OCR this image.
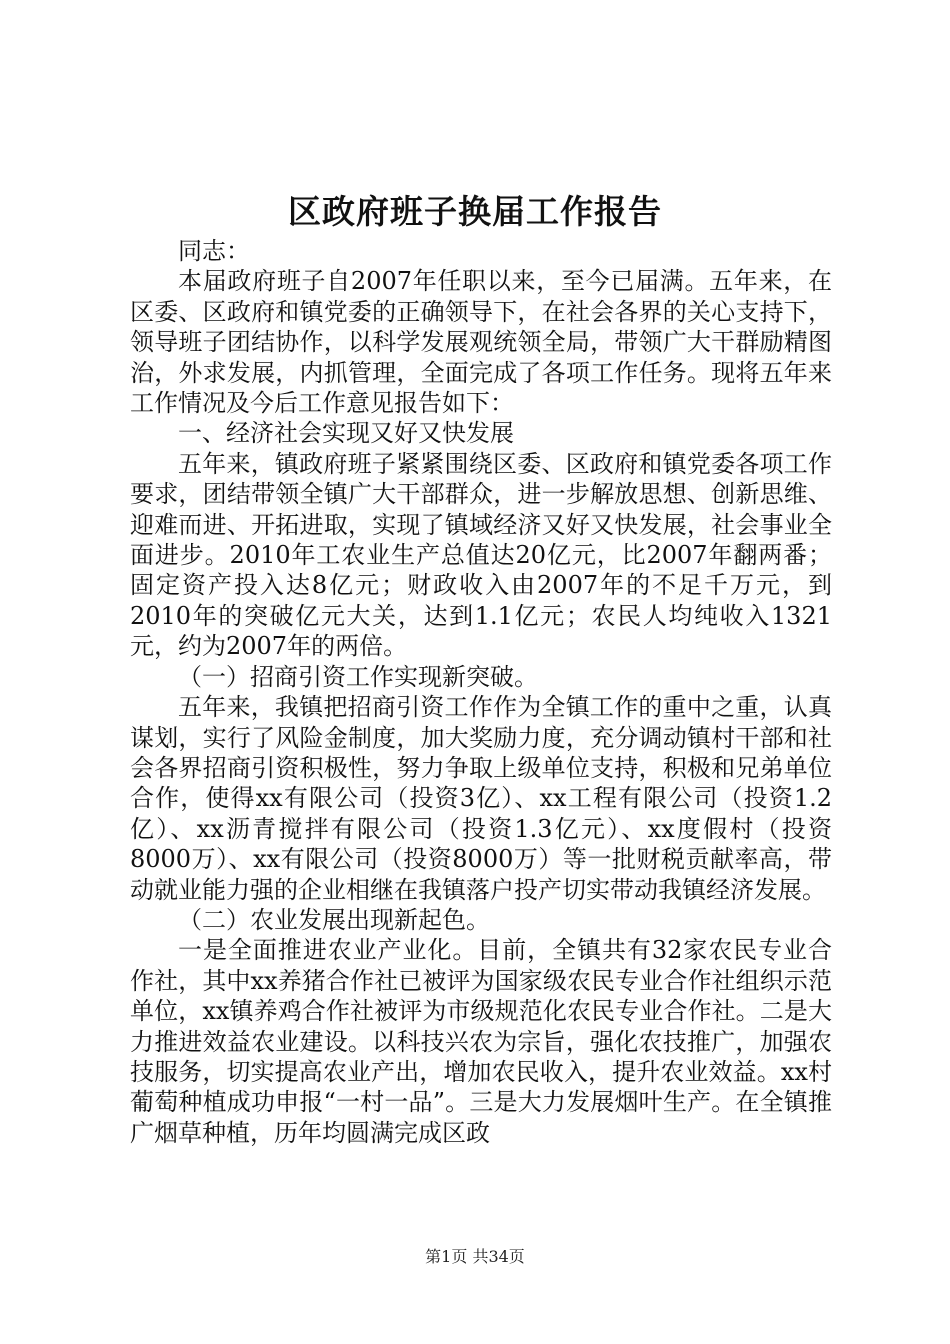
区政府班子换届工作报告

同志：

本届政府班子自2007年任职以来，至今已届满。五年来，在区委、区政府和镇党委的正确领导下，在社会各界的关心支持下，领导班子团结协作，以科学发展观统领全局，带领广大干群励精图治，外求发展，内抓管理，全面完成了各项工作任务。现将五年来工作情况及今后工作意见报告如下：

一、经济社会实现又好又快发展

五年来，镇政府班子紧紧围绕区委、区政府和镇党委各项工作要求，团结带领全镇广大干部群众，进一步解放思想、创新思维、迎难而进、开拓进取，实现了镇域经济又好又快发展，社会事业全面进步。2010年工农业生产总值达20亿元，比2007年翻两番；固定资产投入达8亿元；财政收入由2007年的不足千万元，到2010年的突破亿元大关，达到1.1亿元；农民人均纯收入1321元，约为2007年的两倍。

（一）招商引资工作实现新突破。

五年来，我镇把招商引资工作作为全镇工作的重中之重，认真谋划，实行了风险金制度，加大奖励力度，充分调动镇村干部和社会各界招商引资积极性，努力争取上级单位支持，积极和兄弟单位合作，使得xx有限公司（投资3亿）、xx工程有限公司（投资1.2亿）、xx沥青搅拌有限公司（投资1.3亿元）、xx度假村（投资8000万）、xx有限公司（投资8000万）等一批财税贡献率高，带动就业能力强的企业相继在我镇落户投产切实带动我镇经济发展。

（二）农业发展出现新起色。

一是全面推进农业产业化。目前，全镇共有32家农民专业合作社，其中xx养猪合作社已被评为国家级农民专业合作社组织示范单位，xx镇养鸡合作社被评为市级规范化农民专业合作社。二是大力推进效益农业建设。以科技兴农为宗旨，强化农技推广，加强农技服务，切实提高农业产出，增加农民收入，提升农业效益。xx村葡萄种植成功申报“一村一品”。三是大力发展烟叶生产。在全镇推广烟草种植，历年均圆满完成区政

第1页 共34页
